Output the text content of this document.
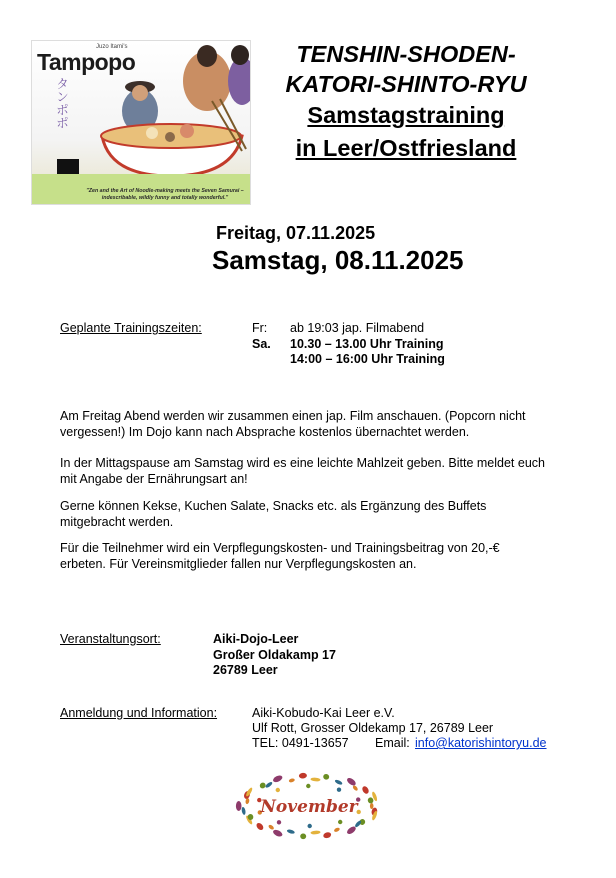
Juzo Itami's
Tampopo
タンポポ
"Zen and the Art of Noodle-making meets the Seven Samurai – indescribable, wildly funny and totally wonderful."
TENSHIN-SHODEN-
KATORI-SHINTO-RYU
Samstagstraining
in Leer/Ostfriesland
Freitag, 07.11.2025
Samstag, 08.11.2025
Geplante Trainingszeiten:	Fr:	ab 19:03 jap. Filmabend
Sa.	10.30 – 13.00 Uhr Training
14:00 – 16:00 Uhr Training
Am Freitag Abend werden wir zusammen einen jap. Film anschauen. (Popcorn nicht
vergessen!) Im Dojo kann nach Absprache kostenlos übernachtet werden.
In der Mittagspause am Samstag wird es eine leichte Mahlzeit geben. Bitte meldet euch
mit Angabe der Ernährungsart an!
Gerne können Kekse, Kuchen Salate, Snacks etc. als Ergänzung des Buffets
mitgebracht werden.
Für die Teilnehmer wird ein Verpflegungskosten- und Trainingsbeitrag von 20,-€
erbeten. Für Vereinsmitglieder fallen nur Verpflegungskosten an.
Veranstaltungsort:	Aiki-Dojo-Leer
Großer Oldakamp 17
26789 Leer
Anmeldung und Information:	Aiki-Kobudo-Kai Leer e.V.
Ulf Rott, Grosser Oldekamp 17, 26789 Leer
TEL: 0491-13657 Email: info@katorishintoryu.de
November
